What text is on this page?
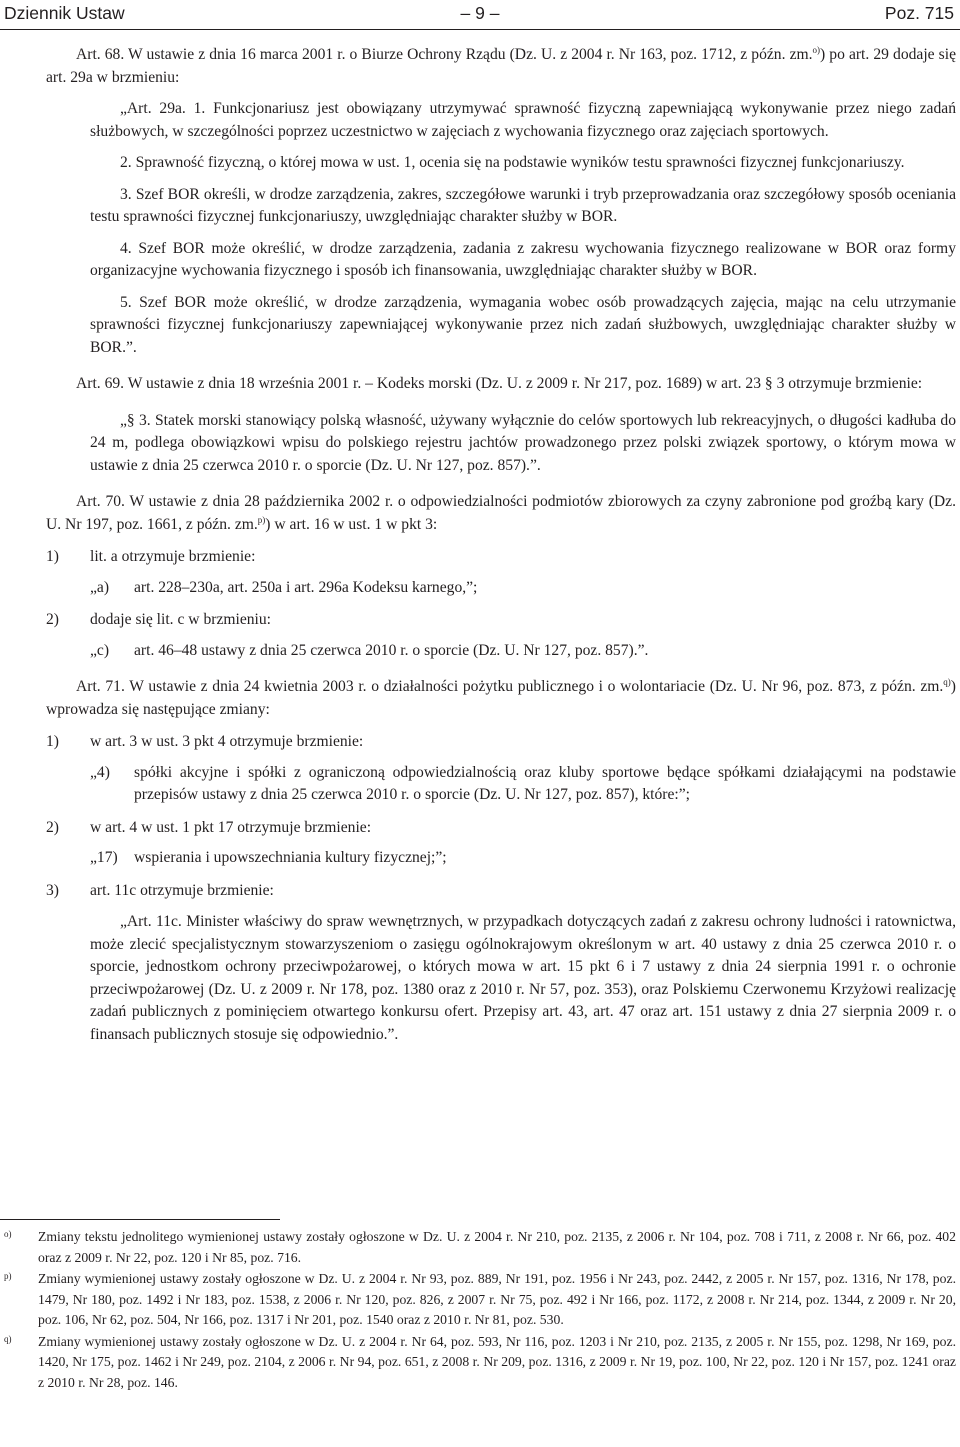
Dziennik Ustaw	– 9 –	Poz. 715

Art. 68. W ustawie z dnia 16 marca 2001 r. o Biurze Ochrony Rządu (Dz. U. z 2004 r. Nr 163, poz. 1712, z późn. zm.$^{o)}$) po art. 29 dodaje się art. 29a w brzmieniu:

„Art. 29a. 1. Funkcjonariusz jest obowiązany utrzymywać sprawność fizyczną zapewniającą wykonywanie przez niego zadań służbowych, w szczególności poprzez uczestnictwo w zajęciach z wychowania fizycznego oraz zajęciach sportowych.

2. Sprawność fizyczną, o której mowa w ust. 1, ocenia się na podstawie wyników testu sprawności fizycznej funkcjonariuszy.

3. Szef BOR określi, w drodze zarządzenia, zakres, szczegółowe warunki i tryb przeprowadzania oraz szczegółowy sposób oceniania testu sprawności fizycznej funkcjonariuszy, uwzględniając charakter służby w BOR.

4. Szef BOR może określić, w drodze zarządzenia, zadania z zakresu wychowania fizycznego realizowane w BOR oraz formy organizacyjne wychowania fizycznego i sposób ich finansowania, uwzględniając charakter służby w BOR.

5. Szef BOR może określić, w drodze zarządzenia, wymagania wobec osób prowadzących zajęcia, mając na celu utrzymanie sprawności fizycznej funkcjonariuszy zapewniającej wykonywanie przez nich zadań służbowych, uwzględniając charakter służby w BOR.”.

Art. 69. W ustawie z dnia 18 września 2001 r. – Kodeks morski (Dz. U. z 2009 r. Nr 217, poz. 1689) w art. 23 § 3 otrzymuje brzmienie:

„§ 3. Statek morski stanowiący polską własność, używany wyłącznie do celów sportowych lub rekreacyjnych, o długości kadłuba do 24 m, podlega obowiązkowi wpisu do polskiego rejestru jachtów prowadzonego przez polski związek sportowy, o którym mowa w ustawie z dnia 25 czerwca 2010 r. o sporcie (Dz. U. Nr 127, poz. 857).”.

Art. 70. W ustawie z dnia 28 października 2002 r. o odpowiedzialności podmiotów zbiorowych za czyny zabronione pod groźbą kary (Dz. U. Nr 197, poz. 1661, z późn. zm.$^{p)}$) w art. 16 w ust. 1 w pkt 3:

1)	lit. a otrzymuje brzmienie:
„a)	art. 228–230a, art. 250a i art. 296a Kodeksu karnego,”;
2)	dodaje się lit. c w brzmieniu:
„c)	art. 46–48 ustawy z dnia 25 czerwca 2010 r. o sporcie (Dz. U. Nr 127, poz. 857).”.

Art. 71. W ustawie z dnia 24 kwietnia 2003 r. o działalności pożytku publicznego i o wolontariacie (Dz. U. Nr 96, poz. 873, z późn. zm.$^{q)}$) wprowadza się następujące zmiany:

1)	w art. 3 w ust. 3 pkt 4 otrzymuje brzmienie:
„4)	spółki akcyjne i spółki z ograniczoną odpowiedzialnością oraz kluby sportowe będące spółkami działającymi na podstawie przepisów ustawy z dnia 25 czerwca 2010 r. o sporcie (Dz. U. Nr 127, poz. 857), które:”;
2)	w art. 4 w ust. 1 pkt 17 otrzymuje brzmienie:
„17)	wspierania i upowszechniania kultury fizycznej;”;
3)	art. 11c otrzymuje brzmienie:

„Art. 11c. Minister właściwy do spraw wewnętrznych, w przypadkach dotyczących zadań z zakresu ochrony ludności i ratownictwa, może zlecić specjalistycznym stowarzyszeniom o zasięgu ogólnokrajowym określonym w art. 40 ustawy z dnia 25 czerwca 2010 r. o sporcie, jednostkom ochrony przeciwpożarowej, o których mowa w art. 15 pkt 6 i 7 ustawy z dnia 24 sierpnia 1991 r. o ochronie przeciwpożarowej (Dz. U. z 2009 r. Nr 178, poz. 1380 oraz z 2010 r. Nr 57, poz. 353), oraz Polskiemu Czerwonemu Krzyżowi realizację zadań publicznych z pominięciem otwartego konkursu ofert. Przepisy art. 43, art. 47 oraz art. 151 ustawy z dnia 27 sierpnia 2009 r. o finansach publicznych stosuje się odpowiednio.”.

o)	Zmiany tekstu jednolitego wymienionej ustawy zostały ogłoszone w Dz. U. z 2004 r. Nr 210, poz. 2135, z 2006 r. Nr 104, poz. 708 i 711, z 2008 r. Nr 66, poz. 402 oraz z 2009 r. Nr 22, poz. 120 i Nr 85, poz. 716.
p)	Zmiany wymienionej ustawy zostały ogłoszone w Dz. U. z 2004 r. Nr 93, poz. 889, Nr 191, poz. 1956 i Nr 243, poz. 2442, z 2005 r. Nr 157, poz. 1316, Nr 178, poz. 1479, Nr 180, poz. 1492 i Nr 183, poz. 1538, z 2006 r. Nr 120, poz. 826, z 2007 r. Nr 75, poz. 492 i Nr 166, poz. 1172, z 2008 r. Nr 214, poz. 1344, z 2009 r. Nr 20, poz. 106, Nr 62, poz. 504, Nr 166, poz. 1317 i Nr 201, poz. 1540 oraz z 2010 r. Nr 81, poz. 530.
q)	Zmiany wymienionej ustawy zostały ogłoszone w Dz. U. z 2004 r. Nr 64, poz. 593, Nr 116, poz. 1203 i Nr 210, poz. 2135, z 2005 r. Nr 155, poz. 1298, Nr 169, poz. 1420, Nr 175, poz. 1462 i Nr 249, poz. 2104, z 2006 r. Nr 94, poz. 651, z 2008 r. Nr 209, poz. 1316, z 2009 r. Nr 19, poz. 100, Nr 22, poz. 120 i Nr 157, poz. 1241 oraz z 2010 r. Nr 28, poz. 146.
